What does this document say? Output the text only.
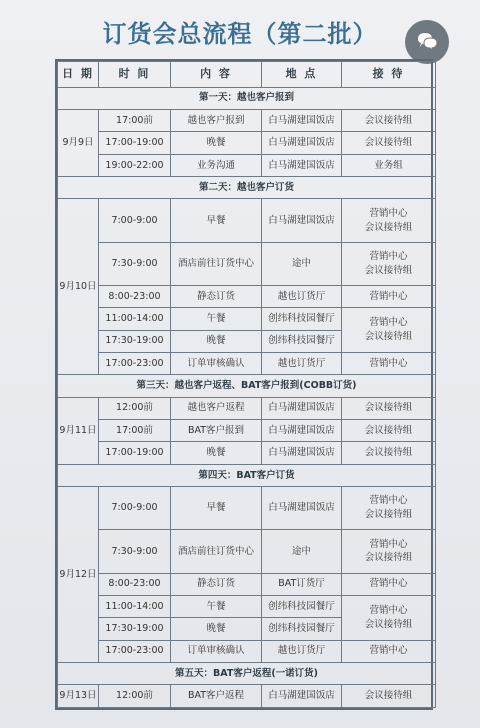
订货会总流程（第二批）
日 期	时 间	内 容	地 点	接 待
第一天：越也客户报到				

9月9日	17:00前	越也客户报到	白马湖建国饭店	会议接待组

	17:00-19:00	晚餐	白马湖建国饭店	会议接待组

	19:00-22:00	业务沟通	白马湖建国饭店	业务组

第二天：越也客户订货				

9月10日	7:00-9:00	早餐	白马湖建国饭店	营销中心
会议接待组

	7:30-9:00	酒店前往订货中心	途中	营销中心
会议接待组

	8:00-23:00	静态订货	越也订货厅	营销中心

	11:00-14:00	午餐	创纬科技园餐厅	营销中心
会议接待组

	17:30-19:00	晚餐	创纬科技园餐厅	

	17:00-23:00	订单审核确认	越也订货厅	营销中心

第三天：越也客户返程、BAT客户报到(COBB订货)				

9月11日	12:00前	越也客户返程	白马湖建国饭店	会议接待组

	17:00前	BAT客户报到	白马湖建国饭店	会议接待组

	17:00-19:00	晚餐	白马湖建国饭店	会议接待组

第四天：BAT客户订货				

9月12日	7:00-9:00	早餐	白马湖建国饭店	营销中心
会议接待组

	7:30-9:00	酒店前往订货中心	途中	营销中心
会议接待组

	8:00-23:00	静态订货	BAT订货厅	营销中心

	11:00-14:00	午餐	创纬科技园餐厅	营销中心
会议接待组

	17:30-19:00	晚餐	创纬科技园餐厅	

	17:00-23:00	订单审核确认	越也订货厅	营销中心

第五天：BAT客户返程(一诺订货)				

9月13日	12:00前	BAT客户返程	白马湖建国饭店	会议接待组
